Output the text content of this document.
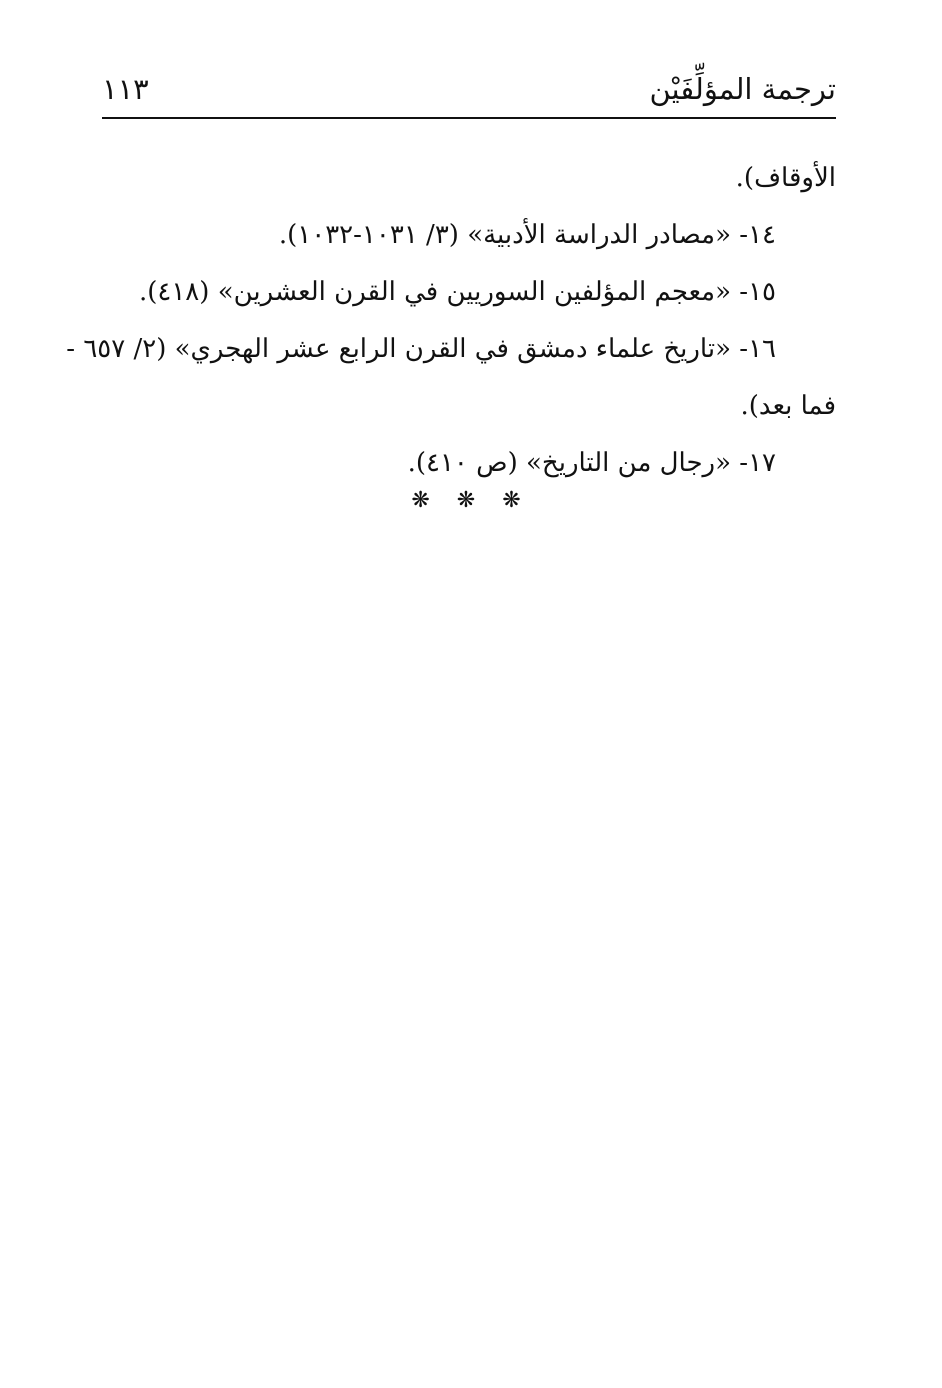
ترجمة المؤلِّفَيْن
١١٣
الأوقاف).
١٤- «مصادر الدراسة الأدبية» (٣/ ١٠٣١-١٠٣٢).
١٥- «معجم المؤلفين السوريين في القرن العشرين» (٤١٨).
١٦- «تاريخ علماء دمشق في القرن الرابع عشر الهجري» (٢/ ٦٥٧ -
فما بعد).
١٧- «رجال من التاريخ» (ص ٤١٠).
❋ ❋ ❋
